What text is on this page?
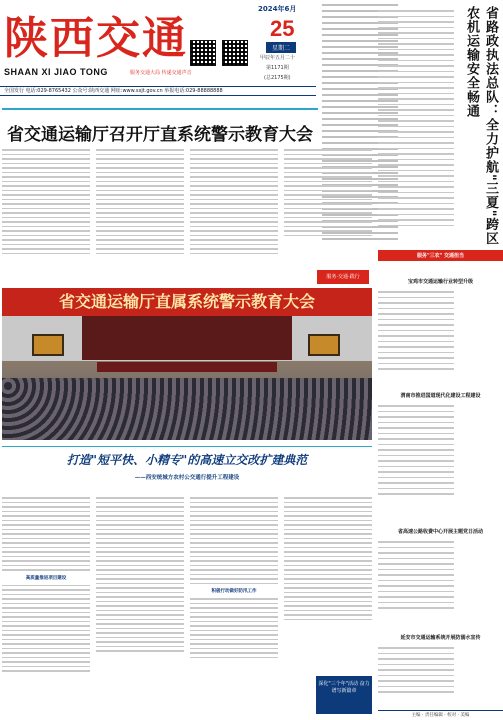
陕西交通
SHAAN XI JIAO TONG	服务交通大局 传递交通声音
2024年6月
25
星期二
甲辰年五月二十
第1171期
(总2175期)
全国发行 电话:029-8765432 公众号:陕西交通 网址:www.sxjt.gov.cn 举报电话:029-88888888
省交通运输厅召开厅直系统警示教育大会
服务·交通·践行
省交通运输厅直属系统警示教育大会
打造"短平快、小精专"的高速立交改扩建典范
——西安统城方农村公交通行提升工程建设
高质量推进项目建设
积极行动做好防汛工作
深化"三个年"活动 奋力谱写新篇章
省路政执法总队：全力护航"三夏"跨区农机运输安全畅通
服务"三农" 交通担当
宝鸡市交通运输行业转型升级
渭南市推进国道现代化建设工程建设
省高速公路收费中心开展主题党日活动
延安市交通运输系统开展防溺水宣传
主编 · 责任编辑 · 校对 · 美编
